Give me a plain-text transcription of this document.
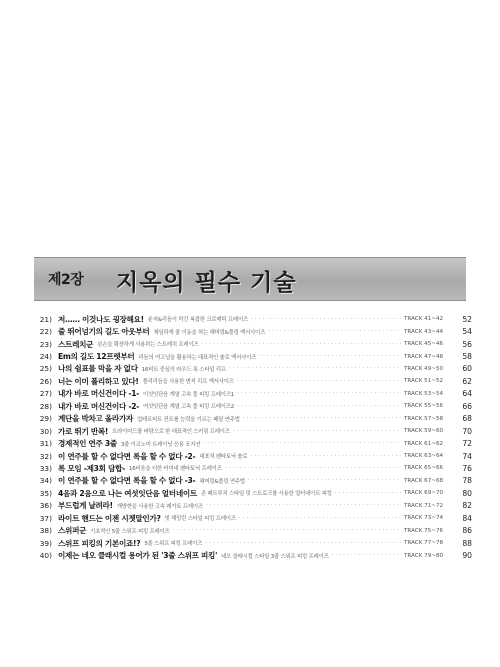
제2장 지옥의 필수 기술
21) 저…… 이것나도 굉장해요! 윤지&리듬이 막간 복잡한 크로매틱 프레이즈 · · ·	TRACK 41~42	52
22) 줄 뛰어넘기의 길도 아웃부터 체임하게 줄 이동을 하는 해머링&풀링 액서사이즈 · · ·	TRACK 43~44	54
23) 스트레치군 왼손을 확장하게 사용하는 스트레치 프레이즈 · · ·	TRACK 45~46	56
24) Em의 길도 12프렛부터 리듬의 여고넘을 활용하는 대표적인 솔로 액서사이즈 · · ·	TRACK 47~48	58
25) 나의 쉼표를 막을 자 없다 16비트 중심의 라우드 록 스타일 리프 · · ·	TRACK 49~50	60
26) 너는 이미 폴리하고 있다! 폴리리듬을 사용한 변칙 리프 액서사이즈 · · ·	TRACK 51~52	62
27) 내가 바로 머신건이다 -1- 이섯잇단음 계열 고속 풀 피킹 프레이즈1 · · ·	TRACK 53~54	64
28) 내가 바로 머신건이다 -2- 여섯잇단음 계열 고속 풀 피킹 프레이즈2 · · ·	TRACK 55~56	66
29) 계단을 박차고 올라가자 업테르티트 컨트롤 능력을 기르는 페달 연주법 · · ·	TRACK 57~58	68
30) 가로 뛰기 반복! 트라이어드를 바탕으로 한 대표적인 스키핑 프레이즈 · · ·	TRACK 59~60	70
31) 경제적인 연주 3줄 3줄 이코노미 트레이닝 응용 포지션 · · ·	TRACK 61~62	72
32) 이 연주를 할 수 없다면 록을 할 수 없다 -2- 대표적 펜타토닉 솔로 · · ·	TRACK 63~64	74
33) 록 모임 -제3회 담합- 16비음을 더한 터미네 펜타토닉 프레이즈 · · ·	TRACK 65~66	76
34) 이 연주를 할 수 없다면 록을 할 수 없다 -3- 해머링&풀링 연주법 · · ·	TRACK 67~68	78
35) 4음과 2음으로 나는 여섯잇단음 얼터네이트 존 페트루치 스타일 릿 스트로크를 사용한 얼터네이트 피킹 · · ·	TRACK 69~70	80
36) 부드럽게 날려라! 개방현을 사용한 고속 레가토 프레이즈 · · ·	TRACK 71~72	82
37) 라이트 핸드는 이젠 시젯말인가? 빗 해밍런 스타일 피킹 프레이즈 · · ·	TRACK 73~74	84
38) 스위퍼군 기초적인 5줄 스위프 피킹 프레이즈 · · ·	TRACK 75~76	86
39) 스위프 피킹의 기본이죠!? 5줄 스위프 피킹 프레이즈 · · ·	TRACK 77~78	88
40) 이제는 네오 클래시컬 용어가 된 '3줄 스위프 피킹' 네오 클래시컬 스타일 3줄 스위프 피킹 프레이즈 · · ·	TRACK 79~80	90
